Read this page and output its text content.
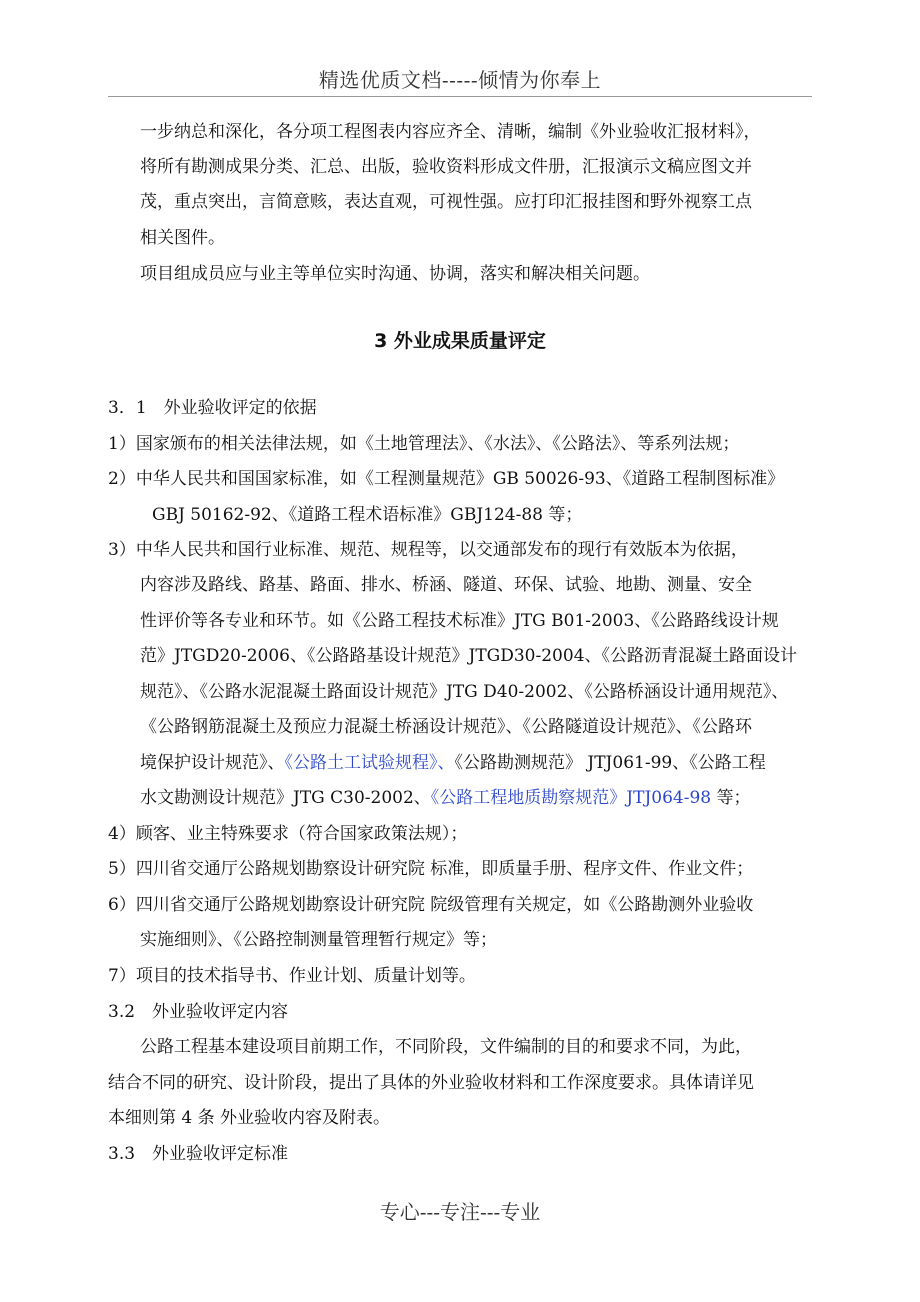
精选优质文档-----倾情为你奉上
一步纳总和深化，各分项工程图表内容应齐全、清晰，编制《外业验收汇报材料》，
将所有勘测成果分类、汇总、出版，验收资料形成文件册，汇报演示文稿应图文并
茂，重点突出，言简意赅，表达直观，可视性强。应打印汇报挂图和野外视察工点
相关图件。
项目组成员应与业主等单位实时沟通、协调，落实和解决相关问题。
3 外业成果质量评定
3．1　外业验收评定的依据
1）国家颁布的相关法律法规，如《土地管理法》、《水法》、《公路法》、等系列法规；
2）中华人民共和国国家标准，如《工程测量规范》GB 50026-93、《道路工程制图标准》
GBJ 50162-92、《道路工程术语标准》GBJ124-88 等；
3）中华人民共和国行业标准、规范、规程等，以交通部发布的现行有效版本为依据，
内容涉及路线、路基、路面、排水、桥涵、隧道、环保、试验、地勘、测量、安全
性评价等各专业和环节。如《公路工程技术标准》JTG B01-2003、《公路路线设计规
范》JTGD20-2006、《公路路基设计规范》JTGD30-2004、《公路沥青混凝土路面设计
规范》、《公路水泥混凝土路面设计规范》JTG D40-2002、《公路桥涵设计通用规范》、
《公路钢筋混凝土及预应力混凝土桥涵设计规范》、《公路隧道设计规范》、《公路环
境保护设计规范》、《公路土工试验规程》、《公路勘测规范》 JTJ061-99、《公路工程
水文勘测设计规范》JTG C30-2002、《公路工程地质勘察规范》JTJ064-98 等；
4）顾客、业主特殊要求（符合国家政策法规）；
5）四川省交通厅公路规划勘察设计研究院 标准，即质量手册、程序文件、作业文件；
6）四川省交通厅公路规划勘察设计研究院 院级管理有关规定，如《公路勘测外业验收
实施细则》、《公路控制测量管理暂行规定》等；
7）项目的技术指导书、作业计划、质量计划等。
3.2　外业验收评定内容
公路工程基本建设项目前期工作，不同阶段，文件编制的目的和要求不同，为此，
结合不同的研究、设计阶段，提出了具体的外业验收材料和工作深度要求。具体请详见
本细则第 4 条 外业验收内容及附表。
3.3　外业验收评定标准
专心---专注---专业
